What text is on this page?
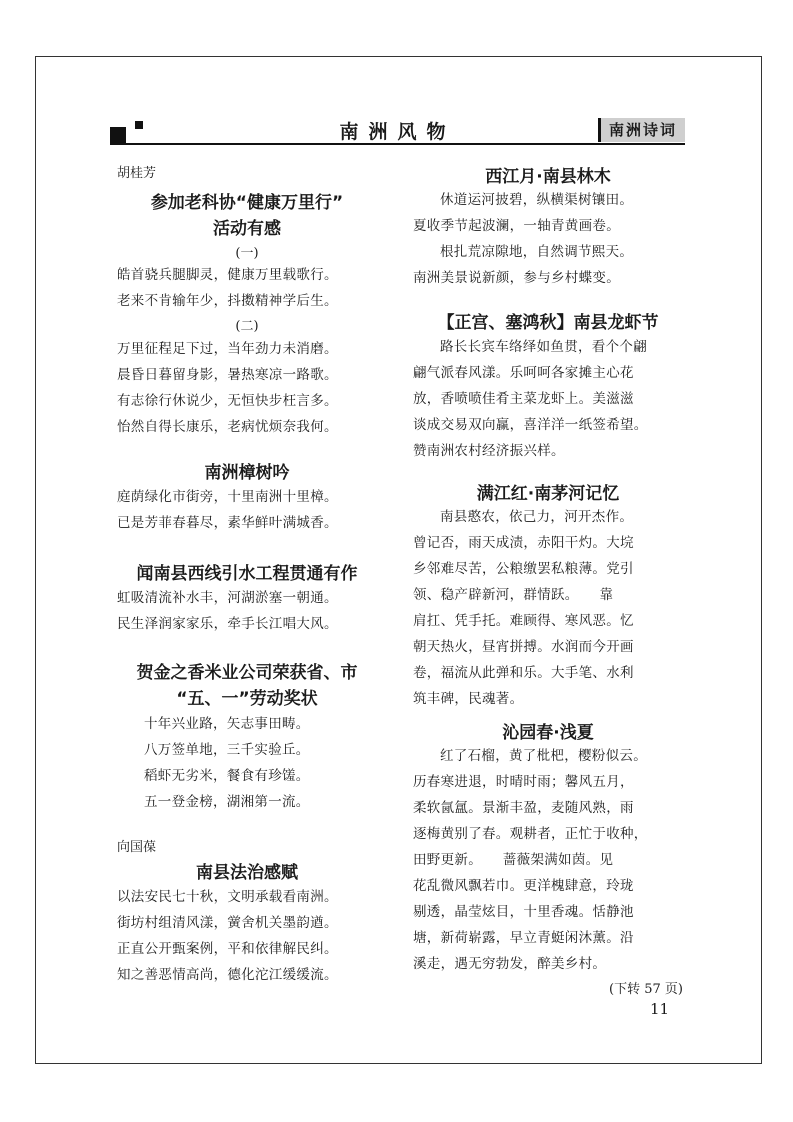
南洲风物	南洲诗词
胡桂芳
参加老科协“健康万里行”
活动有感
(一)
皓首骁兵腿脚灵，健康万里载歌行。
老来不肯输年少，抖擞精神学后生。
(二)
万里征程足下过，当年劲力未消磨。
晨昏日暮留身影，暑热寒凉一路歌。
有志徐行休说少，无恒快步枉言多。
怡然自得长康乐，老病忧烦奈我何。
南洲樟树吟
庭荫绿化市街旁，十里南洲十里樟。
已是芳菲春暮尽，素华鲜叶满城香。
闻南县西线引水工程贯通有作
虹吸清流补水丰，河湖淤塞一朝通。
民生泽润家家乐，牵手长江唱大风。
贺金之香米业公司荣获省、市
“五、一”劳动奖状
十年兴业路，矢志事田畴。
八万签单地，三千实验丘。
稻虾无劣米，餐食有珍馐。
五一登金榜，湖湘第一流。
向国葆
南县法治感赋
以法安民七十秋，文明承载看南洲。
街坊村组清风漾，黉舍机关墨韵遒。
正直公开甄案例，平和依律解民纠。
知之善恶情高尚，德化沱江缓缓流。
西江月·南县林木
休道运河披碧，纵横渠树镶田。
夏收季节起波澜，一轴青黄画卷。
根扎荒凉隙地，自然调节熙天。
南洲美景说新颜，参与乡村蝶变。
【正宫、塞鸿秋】南县龙虾节
路长长宾车络绎如鱼贯，看个个翩
翩气派春风漾。乐呵呵各家摊主心花
放，香喷喷佳肴主菜龙虾上。美滋滋
谈成交易双向赢，喜洋洋一纸签希望。
赞南洲农村经济振兴样。
满江红·南茅河记忆
南县憨农，依己力，河开杰作。
曾记否，雨天成渍，赤阳干灼。大垸
乡邻难尽苦，公粮缴罢私粮薄。党引
领、稳产辟新河，群情跃。　　靠
肩扛、凭手托。难顾得、寒风恶。忆
朝天热火，昼宵拼搏。水润而今开画
卷，福流从此弹和乐。大手笔、水利
筑丰碑，民魂著。
沁园春·浅夏
红了石榴，黄了枇杷，樱粉似云。
历春寒进退，时晴时雨；馨风五月，
柔软氤氲。景渐丰盈，麦随风熟，雨
逐梅黄别了春。观耕者，正忙于收种，
田野更新。　　蔷薇架满如茵。见
花乱微风飘若巾。更洋槐肆意，玲珑
剔透，晶莹炫目，十里香魂。恬静池
塘，新荷崭露，早立青蜓闲沐薰。沿
溪走，遇无穷勃发，醉美乡村。
(下转 57 页)
11
